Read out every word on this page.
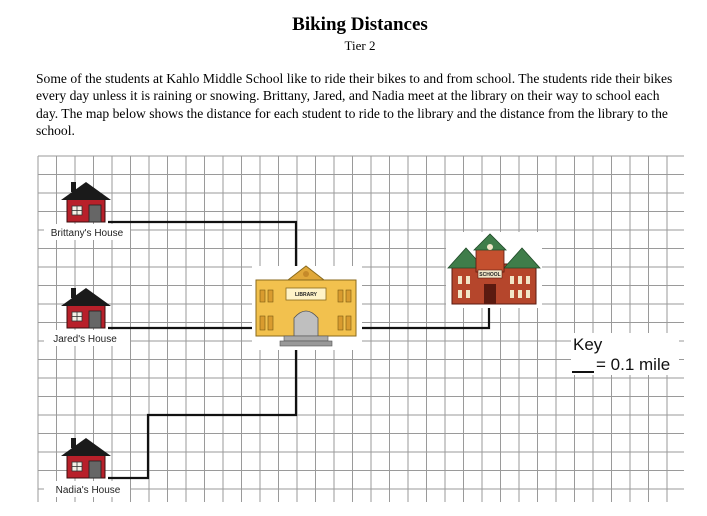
Biking Distances
Tier 2
Some of the students at Kahlo Middle School like to ride their bikes to and from school. The students ride their bikes every day unless it is raining or snowing. Brittany, Jared, and Nadia meet at the library on their way to school each day. The map below shows the distance for each student to ride to the library and the distance from the library to the school.
Brittany's House
Jared's House
Nadia's House
LIBRARY
SCHOOL
Key
= 0.1 mile
